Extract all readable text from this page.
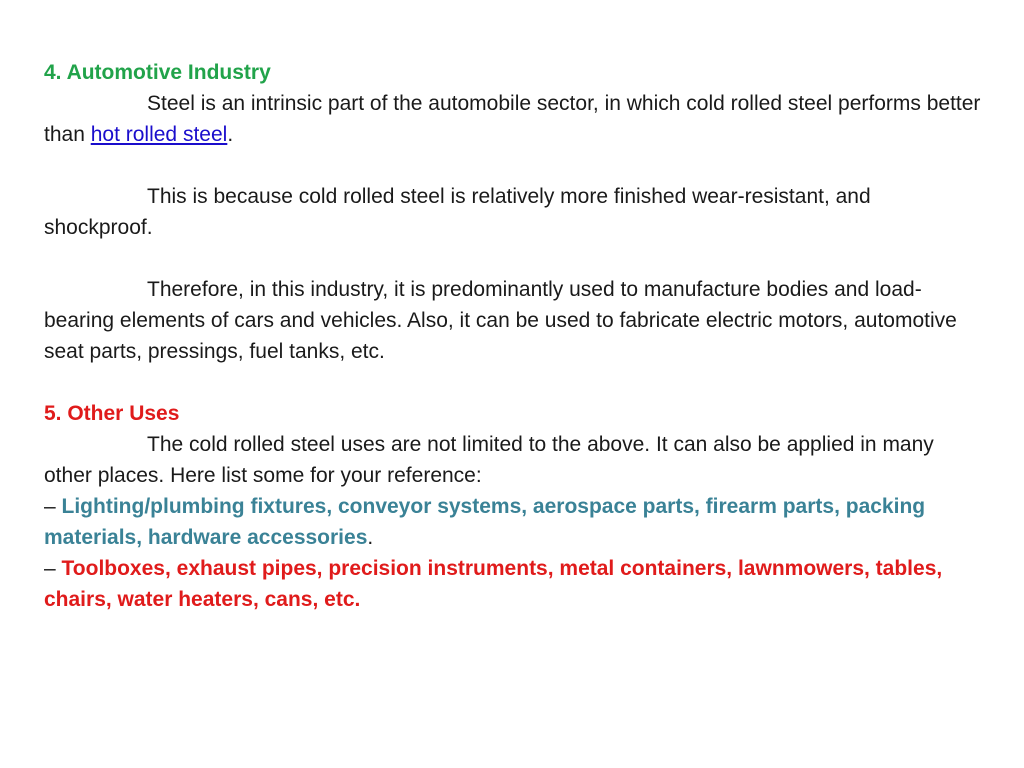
4. Automotive Industry

Steel is an intrinsic part of the automobile sector, in which cold rolled steel performs better than hot rolled steel.

This is because cold rolled steel is relatively more finished wear-resistant, and shockproof.

Therefore, in this industry, it is predominantly used to manufacture bodies and load-bearing elements of cars and vehicles. Also, it can be used to fabricate electric motors, automotive seat parts, pressings, fuel tanks, etc.

5. Other Uses

The cold rolled steel uses are not limited to the above. It can also be applied in many other places. Here list some for your reference:

– Lighting/plumbing fixtures, conveyor systems, aerospace parts, firearm parts, packing materials, hardware accessories.

– Toolboxes, exhaust pipes, precision instruments, metal containers, lawnmowers, tables, chairs, water heaters, cans, etc.
